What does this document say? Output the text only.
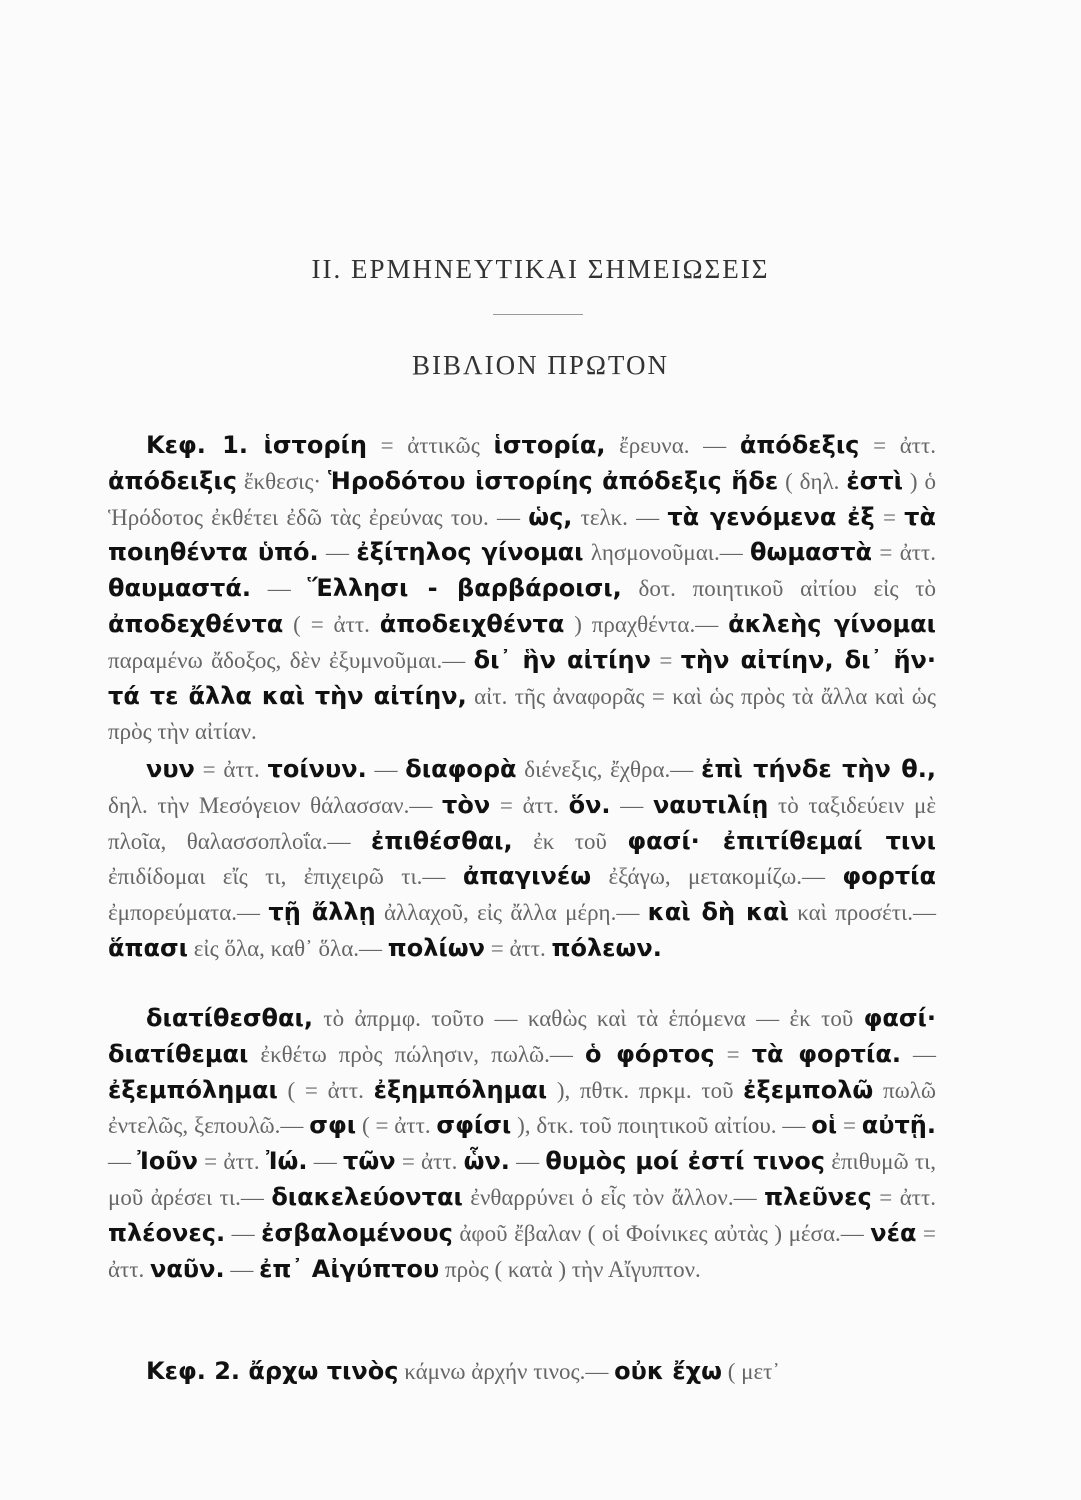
II. ΕΡΜΗΝΕΥΤΙΚΑΙ ΣΗΜΕΙΩΣΕΙΣ
ΒΙΒΛΙΟΝ ΠΡΩΤΟΝ

Κεφ. 1. ἱστορίη = ἀττικῶς ἱστορία, ἔρευνα. — ἀπόδεξις = ἀττ. ἀπόδειξις ἔκθεσις· Ἡροδότου ἱστορίης ἀπόδεξις ἥδε ( δηλ. ἐστὶ ) ὁ Ἡρόδοτος ἐκθέτει ἐδῶ τὰς ἐρεύνας του. — ὡς, τελκ. — τὰ γενόμενα ἐξ = τὰ ποιηθέντα ὑπό. — ἐξίτηλος γίνομαι λησμονοῦμαι.— θωμαστὰ = ἀττ. θαυμαστά. — Ἕλλησι - βαρβάροισι, δοτ. ποιητικοῦ αἰτίου εἰς τὸ ἀποδεχθέντα ( = ἀττ. ἀποδειχθέντα ) πραχθέντα.— ἀκλεὴς γίνομαι παραμένω ἄδοξος, δὲν ἐξυμνοῦμαι.— δι᾽ ἣν αἰτίην = τὴν αἰτίην, δι᾽ ἥν· τά τε ἄλλα καὶ τὴν αἰτίην, αἰτ. τῆς ἀναφορᾶς = καὶ ὡς πρὸς τὰ ἄλλα καὶ ὡς πρὸς τὴν αἰτίαν.

νυν = ἀττ. τοίνυν. — διαφορὰ διένεξις, ἔχθρα.— ἐπὶ τήνδε τὴν θ., δηλ. τὴν Μεσόγειον θάλασσαν.— τὸν = ἀττ. ὅν. — ναυτιλίῃ τὸ ταξιδεύειν μὲ πλοῖα, θαλασσοπλοΐα.— ἐπιθέσθαι, ἐκ τοῦ φασί· ἐπιτίθεμαί τινι ἐπιδίδομαι εἴς τι, ἐπιχειρῶ τι.— ἀπαγινέω ἐξάγω, μετακομίζω.— φορτία ἐμπορεύματα.— τῇ ἄλλῃ ἀλλαχοῦ, εἰς ἄλλα μέρη.— καὶ δὴ καὶ καὶ προσέτι.— ἅπασι εἰς ὅλα, καθ᾽ ὅλα.— πολίων = ἀττ. πόλεων.

διατίθεσθαι, τὸ ἀπρμφ. τοῦτο — καθὼς καὶ τὰ ἑπόμενα — ἐκ τοῦ φασί· διατίθεμαι ἐκθέτω πρὸς πώλησιν, πωλῶ.— ὁ φόρτος = τὰ φορτία. — ἐξεμπόλημαι ( = ἀττ. ἐξημπόλημαι ), πθτκ. πρκμ. τοῦ ἐξεμπολῶ πωλῶ ἐντελῶς, ξεπουλῶ.— σφι ( = ἀττ. σφίσι ), δτκ. τοῦ ποιητικοῦ αἰτίου. — οἱ = αὐτῇ. — Ἰοῦν = ἀττ. Ἰώ. — τῶν = ἀττ. ὧν. — θυμὸς μοί ἐστί τινος ἐπιθυμῶ τι, μοῦ ἀρέσει τι.— διακελεύονται ἐνθαρρύνει ὁ εἷς τὸν ἄλλον.— πλεῦνες = ἀττ. πλέονες. — ἐσβαλομένους ἀφοῦ ἔβαλαν ( οἱ Φοίνικες αὐτὰς ) μέσα.— νέα = ἀττ. ναῦν. — ἐπ᾽ Αἰγύπτου πρὸς ( κατὰ ) τὴν Αἴγυπτον.

Κεφ. 2. ἄρχω τινὸς κάμνω ἀρχήν τινος.— οὐκ ἔχω ( μετ᾽
